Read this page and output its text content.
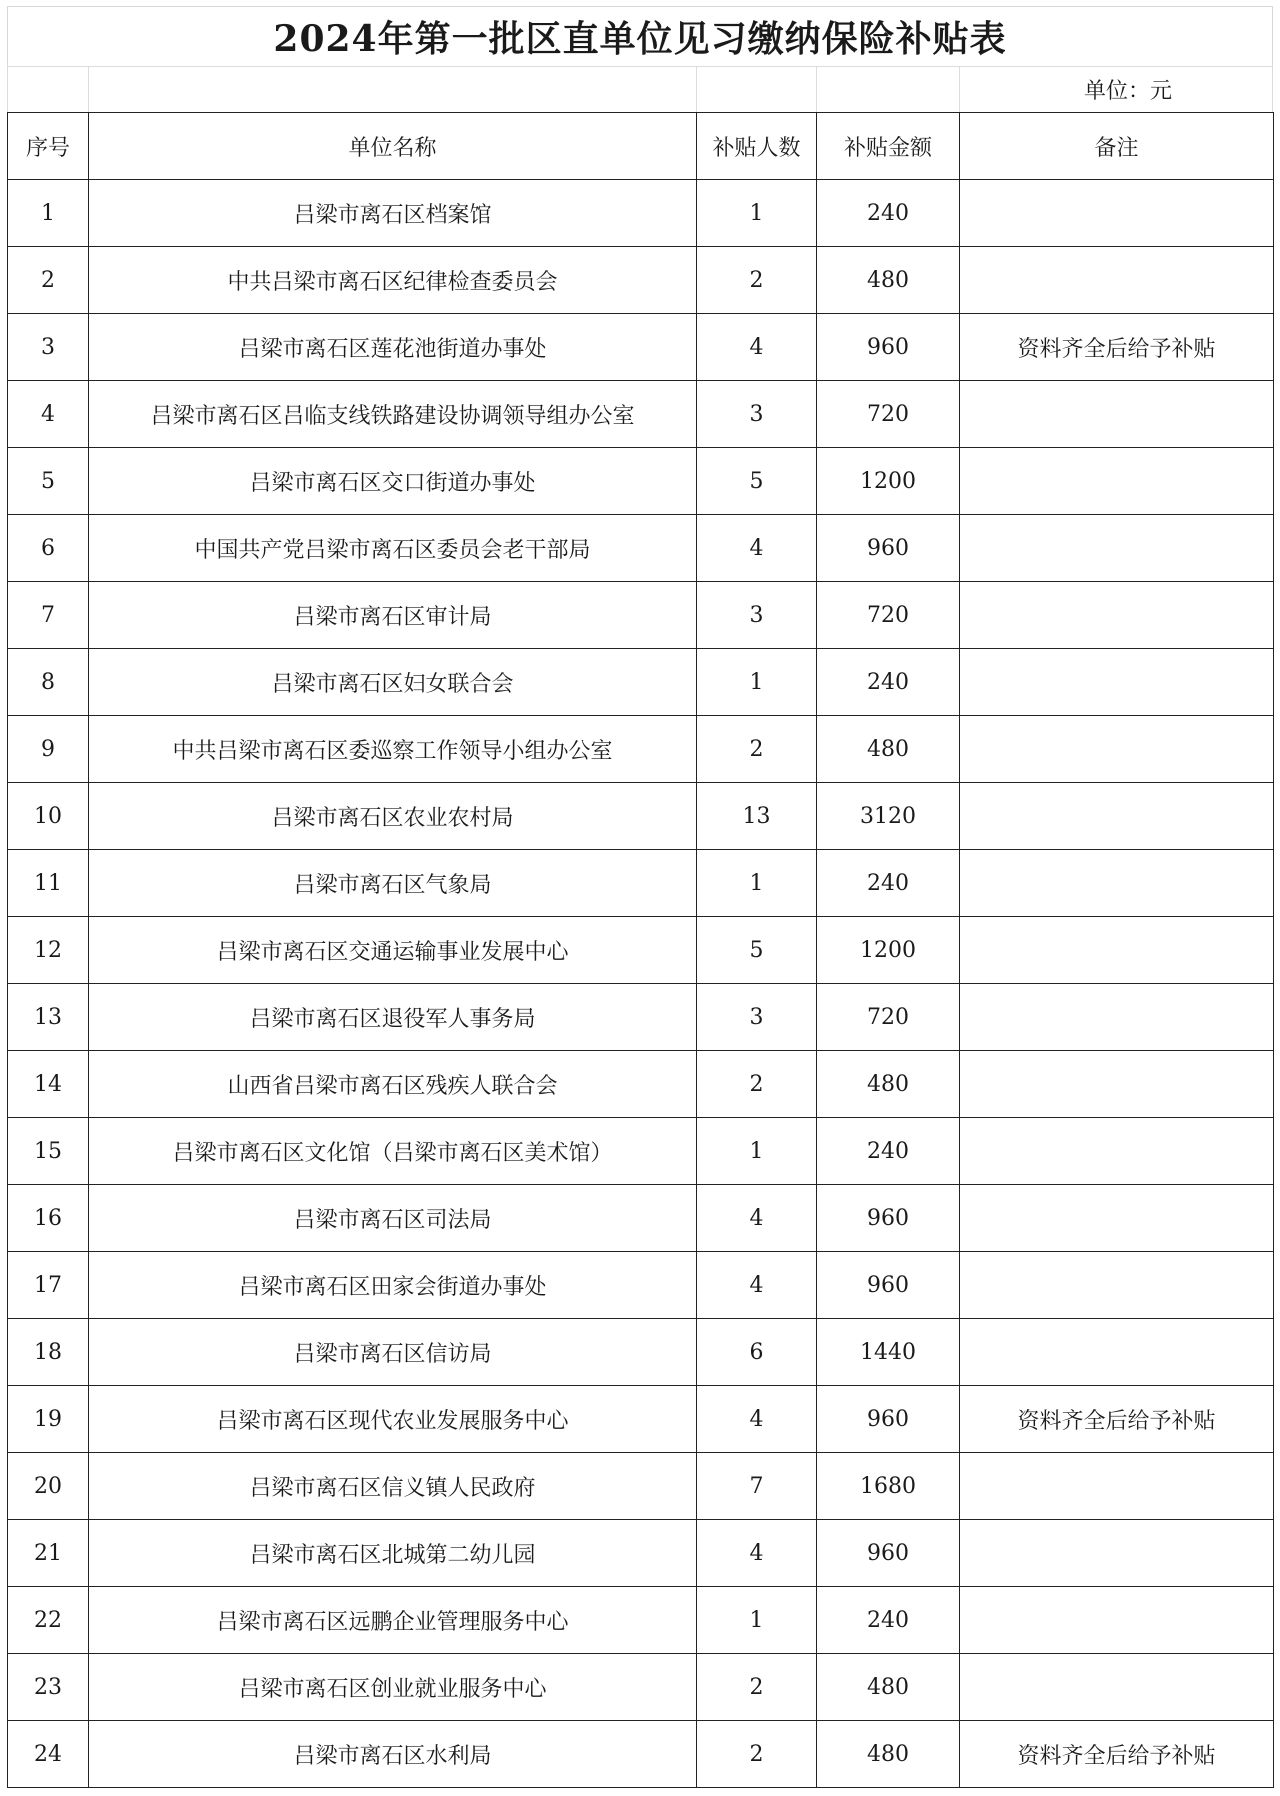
2024年第一批区直单位见习缴纳保险补贴表
单位：元
序号	单位名称	补贴人数	补贴金额	备注
1	吕梁市离石区档案馆	1	240	
2	中共吕梁市离石区纪律检查委员会	2	480	
3	吕梁市离石区莲花池街道办事处	4	960	资料齐全后给予补贴
4	吕梁市离石区吕临支线铁路建设协调领导组办公室	3	720	
5	吕梁市离石区交口街道办事处	5	1200	
6	中国共产党吕梁市离石区委员会老干部局	4	960	
7	吕梁市离石区审计局	3	720	
8	吕梁市离石区妇女联合会	1	240	
9	中共吕梁市离石区委巡察工作领导小组办公室	2	480	
10	吕梁市离石区农业农村局	13	3120	
11	吕梁市离石区气象局	1	240	
12	吕梁市离石区交通运输事业发展中心	5	1200	
13	吕梁市离石区退役军人事务局	3	720	
14	山西省吕梁市离石区残疾人联合会	2	480	
15	吕梁市离石区文化馆（吕梁市离石区美术馆）	1	240	
16	吕梁市离石区司法局	4	960	
17	吕梁市离石区田家会街道办事处	4	960	
18	吕梁市离石区信访局	6	1440	
19	吕梁市离石区现代农业发展服务中心	4	960	资料齐全后给予补贴
20	吕梁市离石区信义镇人民政府	7	1680	
21	吕梁市离石区北城第二幼儿园	4	960	
22	吕梁市离石区远鹏企业管理服务中心	1	240	
23	吕梁市离石区创业就业服务中心	2	480	
24	吕梁市离石区水利局	2	480	资料齐全后给予补贴
